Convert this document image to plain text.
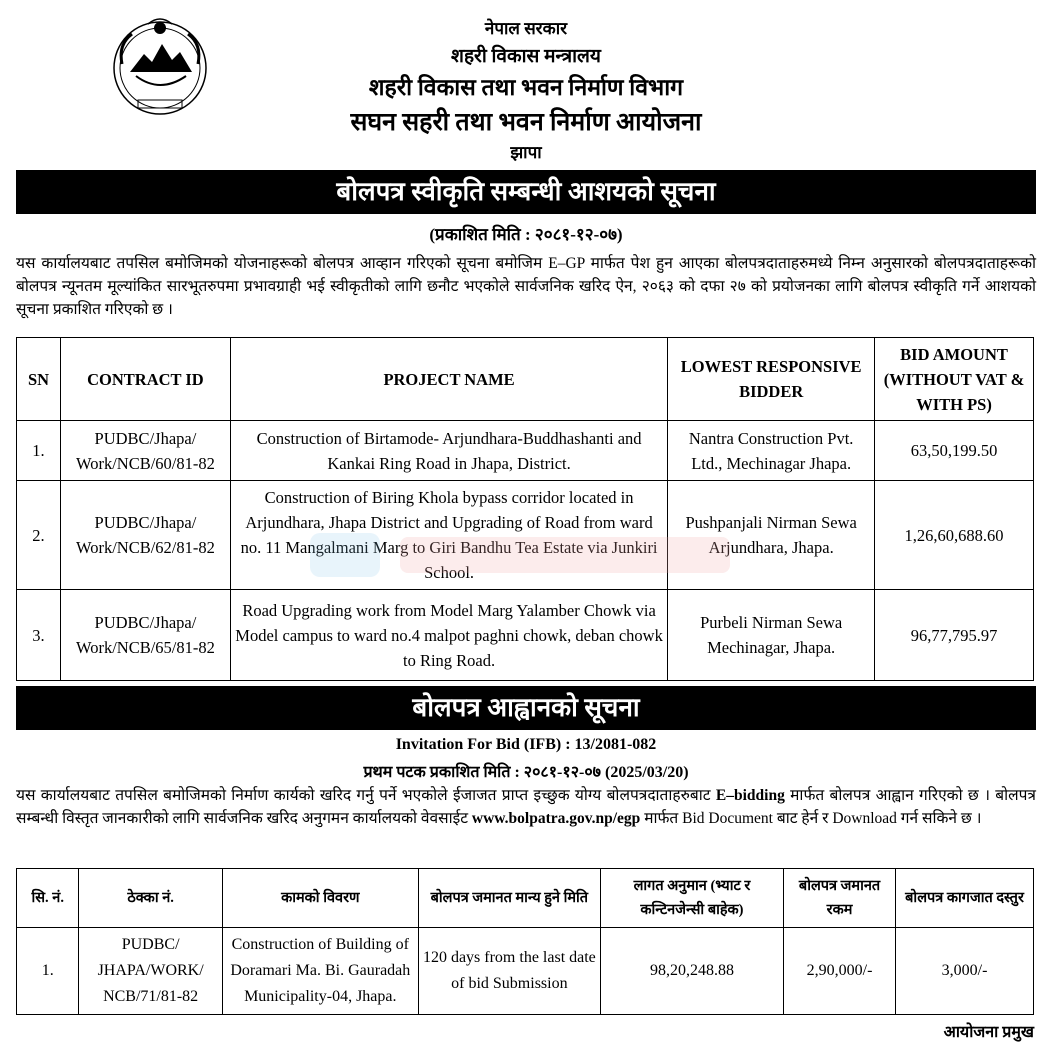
नेपाल सरकार
शहरी विकास मन्त्रालय
शहरी विकास तथा भवन निर्माण विभाग
सघन सहरी तथा भवन निर्माण आयोजना
झापा
बोलपत्र स्वीकृति सम्बन्धी आशयको सूचना
(प्रकाशित मिति : २०८१-१२-०७)

यस कार्यालयबाट तपसिल बमोजिमको योजनाहरूको बोलपत्र आव्हान गरिएको सूचना बमोजिम E–GP मार्फत पेश हुन आएका बोलपत्रदाताहरुमध्ये निम्न अनुसारको बोलपत्रदाताहरूको बोलपत्र न्यूनतम मूल्यांकित सारभूतरुपमा प्रभावग्राही भई स्वीकृतीको लागि छनौट भएकोले सार्वजनिक खरिद ऐन, २०६३ को दफा २७ को प्रयोजनका लागि बोलपत्र स्वीकृति गर्ने आशयको सूचना प्रकाशित गरिएको छ ।

SN	CONTRACT ID	PROJECT NAME	LOWEST RESPONSIVE BIDDER	BID AMOUNT (WITHOUT VAT & WITH PS)
1.	PUDBC/Jhapa/ Work/NCB/60/81-82	Construction of Birtamode- Arjundhara-Buddhashanti and Kankai Ring Road in Jhapa, District.	Nantra Construction Pvt. Ltd., Mechinagar Jhapa.	63,50,199.50
2.	PUDBC/Jhapa/ Work/NCB/62/81-82	Construction of Biring Khola bypass corridor located in Arjundhara, Jhapa District and Upgrading of Road from ward no. 11 Mangalmani Marg to Giri Bandhu Tea Estate via Junkiri School.	Pushpanjali Nirman Sewa Arjundhara, Jhapa.	1,26,60,688.60
3.	PUDBC/Jhapa/ Work/NCB/65/81-82	Road Upgrading work from Model Marg Yalamber Chowk via Model campus to ward no.4 malpot paghni chowk, deban chowk to Ring Road.	Purbeli Nirman Sewa Mechinagar, Jhapa.	96,77,795.97
बोलपत्र आह्वानको सूचना
Invitation For Bid (IFB) : 13/2081-082
प्रथम पटक प्रकाशित मिति : २०८१-१२-०७ (2025/03/20)

यस कार्यालयबाट तपसिल बमोजिमको निर्माण कार्यको खरिद गर्नु पर्ने भएकोले ईजाजत प्राप्त इच्छुक योग्य बोलपत्रदाताहरुबाट E–bidding मार्फत बोलपत्र आह्वान गरिएको छ । बोलपत्र सम्बन्धी विस्तृत जानकारीको लागि सार्वजनिक खरिद अनुगमन कार्यालयको वेवसाईट www.bolpatra.gov.np/egp मार्फत Bid Document बाट हेर्न र Download गर्न सकिने छ ।

सि. नं.	ठेक्का नं.	कामको विवरण	बोलपत्र जमानत मान्य हुने मिति	लागत अनुमान (भ्याट र कन्टिनजेन्सी बाहेक)	बोलपत्र जमानत रकम	बोलपत्र कागजात दस्तुर
1.	PUDBC/ JHAPA/WORK/ NCB/71/81-82	Construction of Building of Doramari Ma. Bi. Gauradah Municipality-04, Jhapa.	120 days from the last date of bid Submission	98,20,248.88	2,90,000/-	3,000/-
आयोजना प्रमुख
